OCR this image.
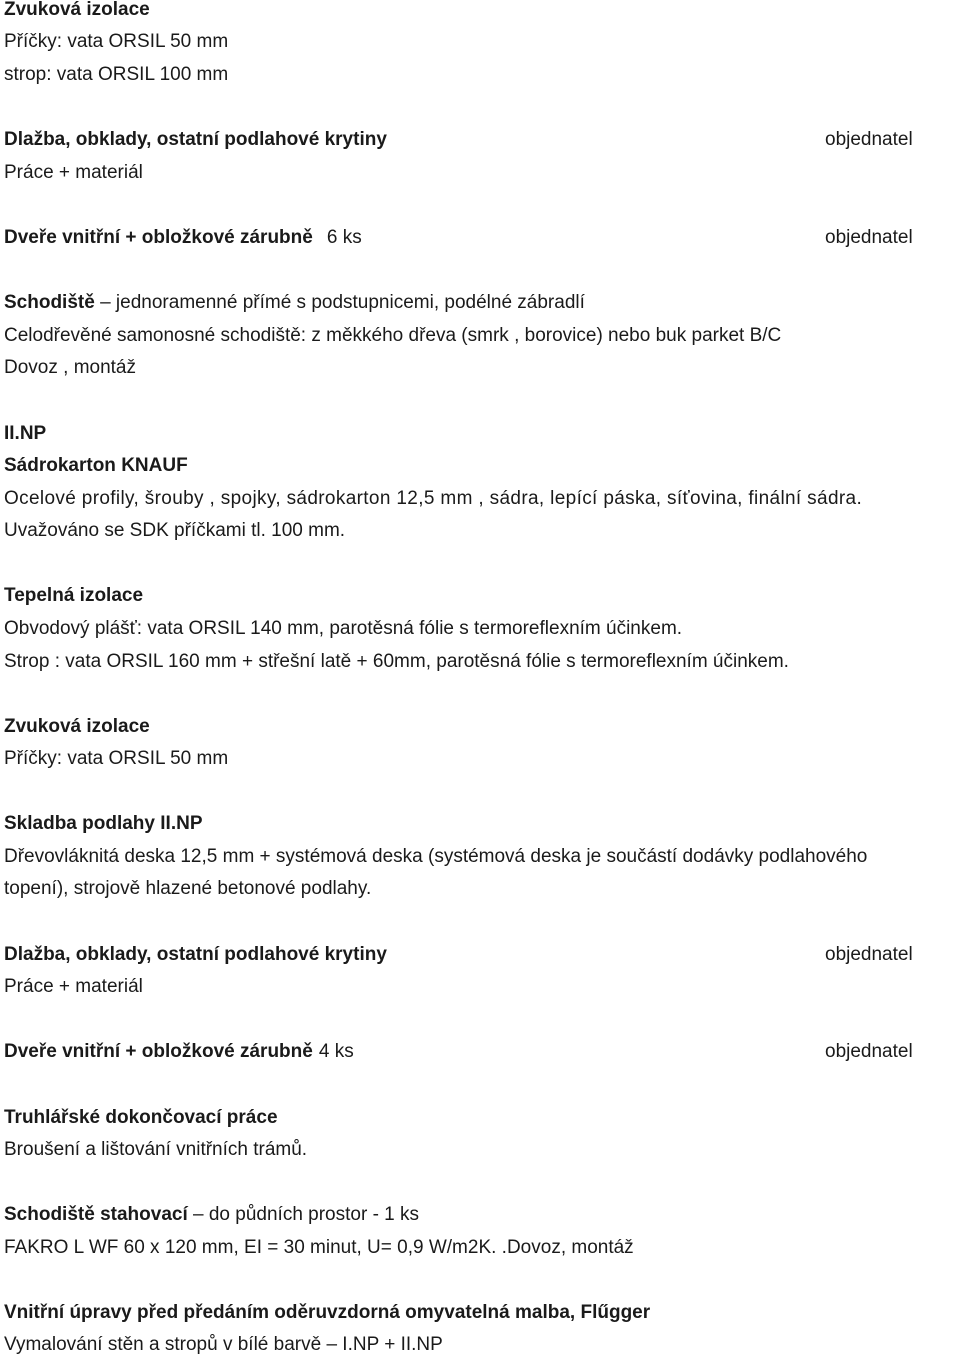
Zvuková izolace
Příčky: vata ORSIL 50 mm
strop: vata ORSIL 100 mm
Dlažba, obklady, ostatní podlahové krytiny	objednatel
Práce + materiál
Dveře vnitřní + obložkové zárubně 6 ks	objednatel
Schodiště – jednoramenné přímé s podstupnicemi, podélné zábradlí
Celodřevěné samonosné schodiště: z měkkého dřeva (smrk , borovice) nebo buk parket B/C
Dovoz , montáž
II.NP
Sádrokarton KNAUF
Ocelové profily, šrouby , spojky, sádrokarton 12,5 mm , sádra, lepící páska, síťovina, finální sádra.
Uvažováno se SDK příčkami tl. 100 mm.
Tepelná izolace
Obvodový plášť: vata ORSIL 140 mm, parotěsná fólie s termoreflexním účinkem.
Strop : vata ORSIL 160 mm + střešní latě + 60mm, parotěsná fólie s termoreflexním účinkem.
Zvuková izolace
Příčky: vata ORSIL 50 mm
Skladba podlahy II.NP
Dřevovláknitá deska 12,5 mm + systémová deska (systémová deska je součástí dodávky podlahového
topení), strojově hlazené betonové podlahy.
Dlažba, obklady, ostatní podlahové krytiny	objednatel
Práce + materiál
Dveře vnitřní + obložkové zárubně 4 ks	objednatel
Truhlářské dokončovací práce
Broušení a lištování vnitřních trámů.
Schodiště stahovací – do půdních prostor - 1 ks
FAKRO L WF 60 x 120 mm, EI = 30 minut, U= 0,9 W/m2K. .Dovoz, montáž
Vnitřní úpravy před předáním oděruvzdorná omyvatelná malba, Flűgger
Vymalování stěn a stropů v bílé barvě – I.NP + II.NP
